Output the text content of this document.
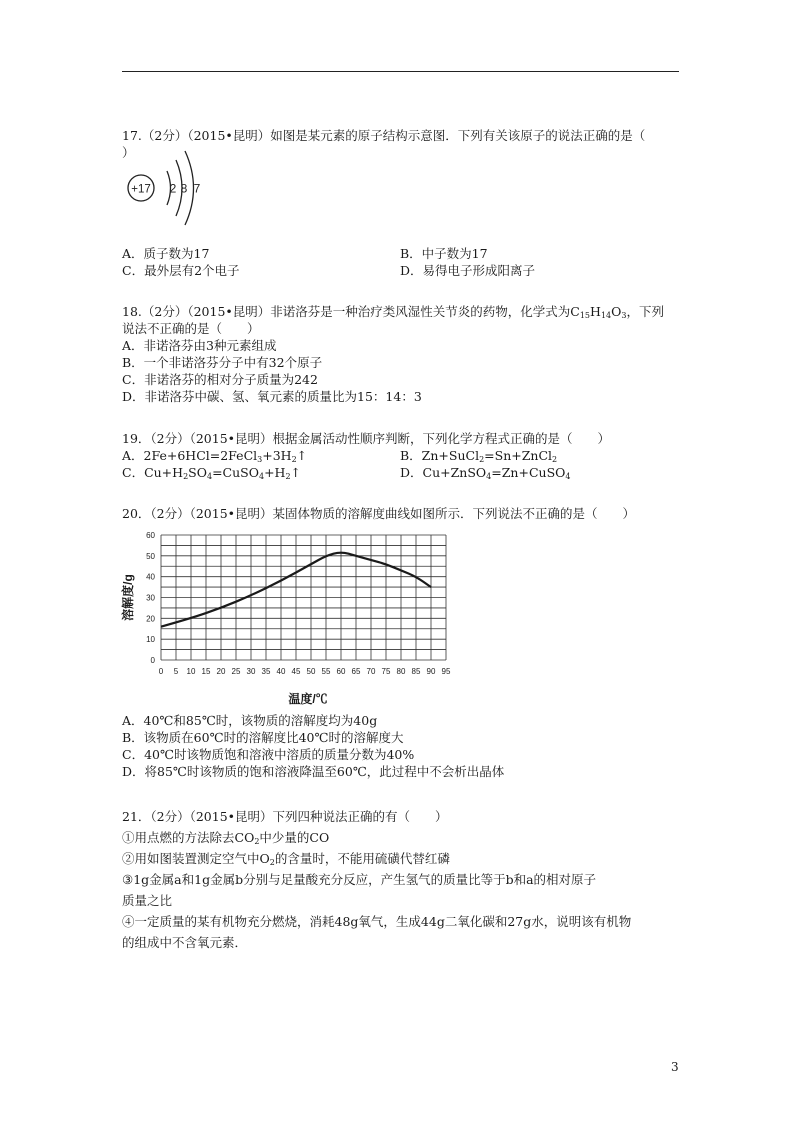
17.（2分）（2015•昆明）如图是某元素的原子结构示意图．下列有关该原子的说法正确的是（
）
+17 2 8 7
A．质子数为17	B．中子数为17
C．最外层有2个电子	D．易得电子形成阳离子
18.（2分）（2015•昆明）非诺洛芬是一种治疗类风湿性关节炎的药物，化学式为$C_{15}H_{14}O_3$，下列
说法不正确的是（　　）
A．非诺洛芬由3种元素组成
B．一个非诺洛芬分子中有32个原子
C．非诺洛芬的相对分子质量为242
D．非诺洛芬中碳、氢、氧元素的质量比为15：14：3
19．（2分）（2015•昆明）根据金属活动性顺序判断，下列化学方程式正确的是（　　）
A．$2Fe+6HCl=2FeCl_3+3H_2↑$	B．Zn+SuCl$_2$=Sn+ZnCl$_2$
C．$Cu+H_2SO_4=CuSO_4+H_2↑$	D．Cu+ZnSO$_4$=Zn+CuSO$_4$
20．（2分）（2015•昆明）某固体物质的溶解度曲线如图所示．下列说法不正确的是（　　）
0
10
20
30
40
50
60
0 5 10 15 20 25 30 35 40 45 50 55 60 65 70 75 80 85 90 95
溶解度/g
温度/℃
A．40℃和85℃时，该物质的溶解度均为40g
B．该物质在60℃时的溶解度比40℃时的溶解度大
C．40℃时该物质饱和溶液中溶质的质量分数为40%
D．将85℃时该物质的饱和溶液降温至60℃，此过程中不会析出晶体
21．（2分）（2015•昆明）下列四种说法正确的有（　　）
①用点燃的方法除去$CO_2$中少量的CO
②用如图装置测定空气中$O_2$的含量时，不能用硫磺代替红磷
③1g金属a和1g金属b分别与足量酸充分反应，产生氢气的质量比等于b和a的相对原子
质量之比
④一定质量的某有机物充分燃烧，消耗48g氧气，生成44g二氧化碳和27g水，说明该有机物
的组成中不含氧元素．
3
